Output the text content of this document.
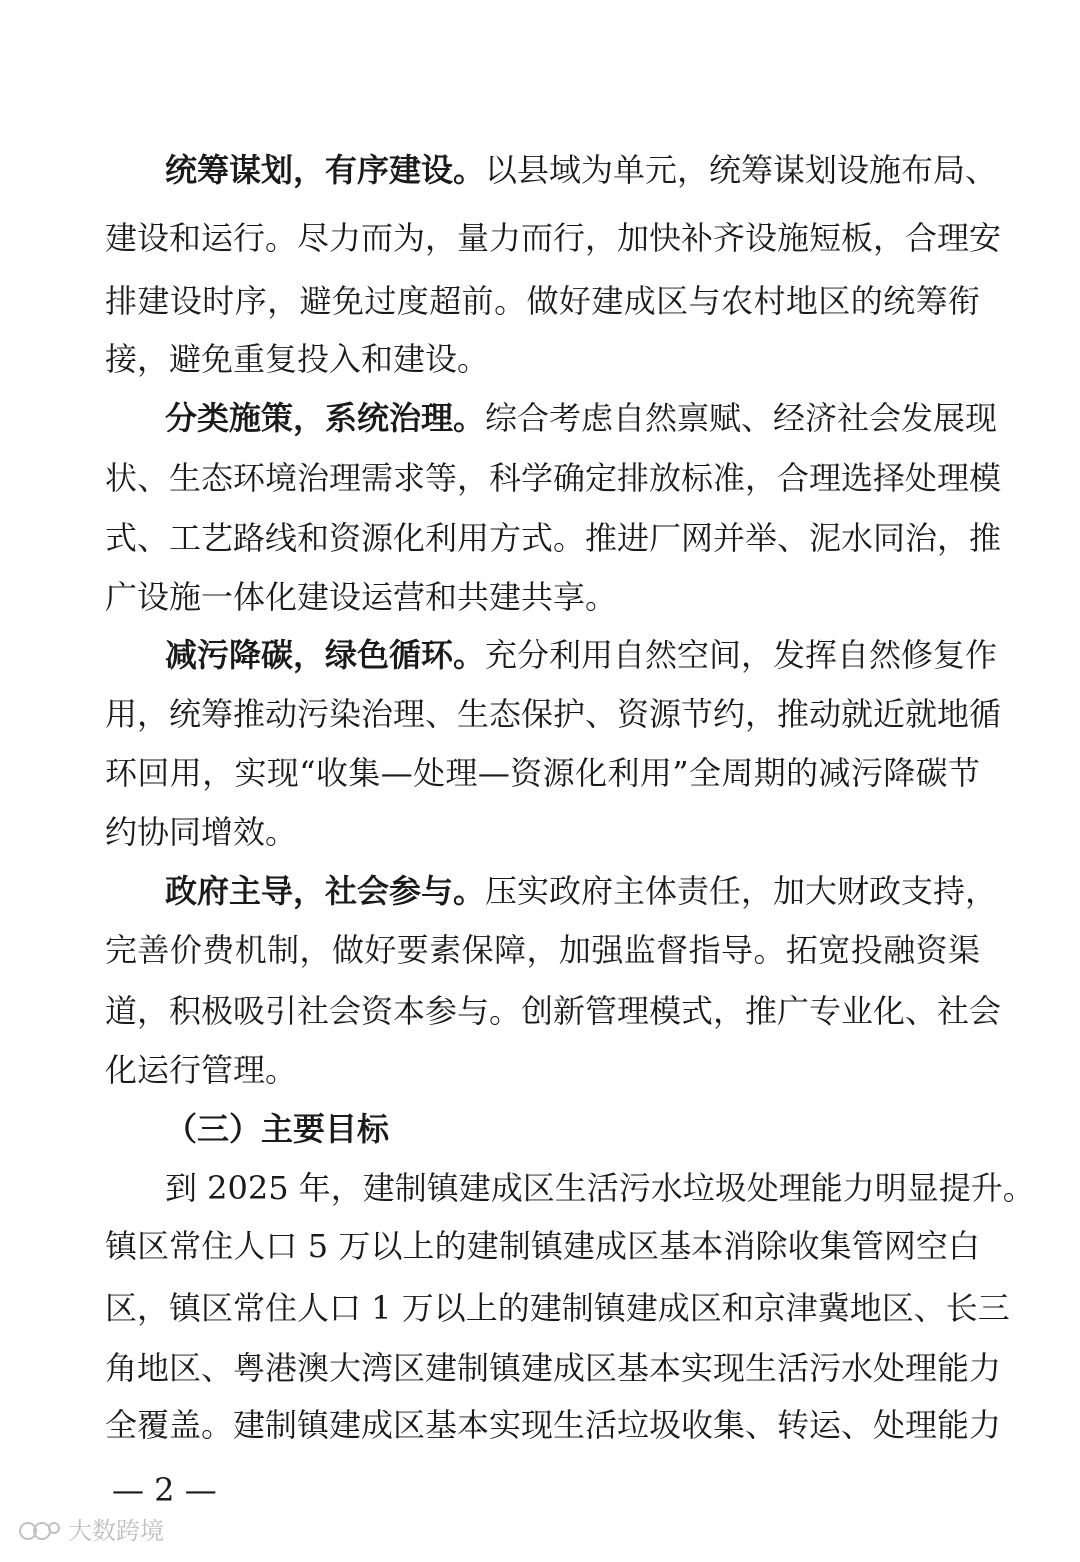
统筹谋划，有序建设。以县域为单元，统筹谋划设施布局、
建设和运行。尽力而为，量力而行，加快补齐设施短板，合理安
排建设时序，避免过度超前。做好建成区与农村地区的统筹衔
接，避免重复投入和建设。
分类施策，系统治理。综合考虑自然禀赋、经济社会发展现
状、生态环境治理需求等，科学确定排放标准，合理选择处理模
式、工艺路线和资源化利用方式。推进厂网并举、泥水同治，推
广设施一体化建设运营和共建共享。
减污降碳，绿色循环。充分利用自然空间，发挥自然修复作
用，统筹推动污染治理、生态保护、资源节约，推动就近就地循
环回用，实现“收集—处理—资源化利用”全周期的减污降碳节
约协同增效。
政府主导，社会参与。压实政府主体责任，加大财政支持，
完善价费机制，做好要素保障，加强监督指导。拓宽投融资渠
道，积极吸引社会资本参与。创新管理模式，推广专业化、社会
化运行管理。
（三）主要目标
到 2025 年，建制镇建成区生活污水垃圾处理能力明显提升。
镇区常住人口 5 万以上的建制镇建成区基本消除收集管网空白
区，镇区常住人口 1 万以上的建制镇建成区和京津冀地区、长三
角地区、粤港澳大湾区建制镇建成区基本实现生活污水处理能力
全覆盖。建制镇建成区基本实现生活垃圾收集、转运、处理能力
— 2 —
大数跨境
